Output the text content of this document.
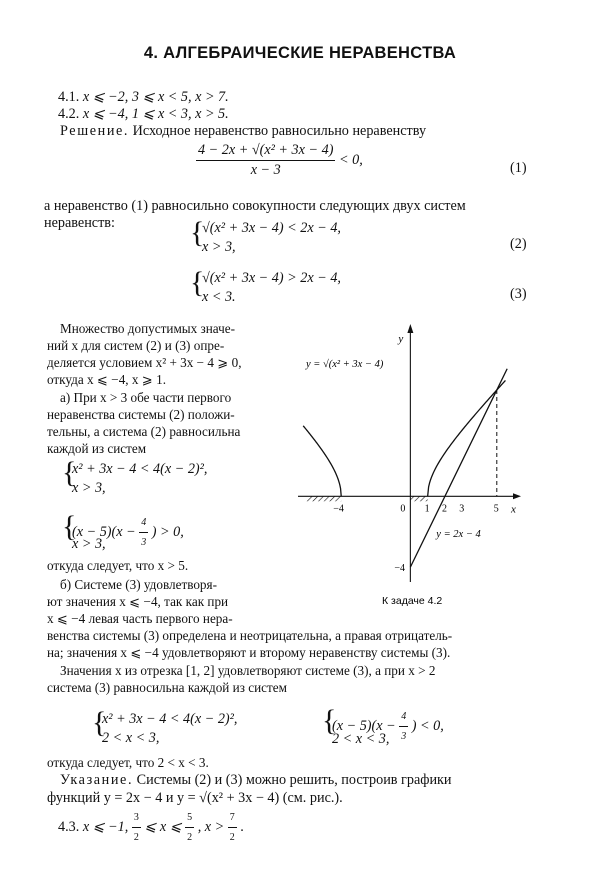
4. АЛГЕБРАИЧЕСКИЕ НЕРАВЕНСТВА
4.1. x ⩽ −2, 3 ⩽ x < 5, x > 7.
4.2. x ⩽ −4, 1 ⩽ x < 3, x > 5.
Решение. Исходное неравенство равносильно неравенству
$\frac{\text{4 − 2x + √(x² + 3x − 4)}}{x - 3} < 0$,
(1)
а неравенство (1) равносильно совокупности следующих двух систем
неравенств:	{
√(x² + 3x − 4) < 2x − 4,
x > 3,	(2)
{
√(x² + 3x − 4) > 2x − 4,
x < 3.	(3)
Множество допустимых значе-
ний x для систем (2) и (3) опре-
деляется условием x² + 3x − 4 ⩾ 0,
откуда x ⩽ −4, x ⩾ 1.
а) При x > 3 обе части первого
неравенства системы (2) положи-
тельны, а система (2) равносильна
каждой из систем
{
x² + 3x − 4 < 4(x − 2)²,
x > 3,
{
$(x - 5)(x - \frac{4}{3}$ ) > 0,
x > 3,
откуда следует, что x > 5.
б) Системе (3) удовлетворя-
ют значения x ⩽ −4, так как при
x ⩽ −4 левая часть первого нера-
венства системы (3) определена и неотрицательна, а правая отрицатель-
на; значения x ⩽ −4 удовлетворяют и второму неравенству системы (3).
Значения x из отрезка [1, 2] удовлетворяют системе (3), а при x > 2
система (3) равносильна каждой из систем
{
x² + 3x − 4 < 4(x − 2)²,
2 < x < 3,
{
$(x - 5)(x - \frac{4}{3}$ ) < 0,
2 < x < 3,
откуда следует, что 2 < x < 3.
Указание. Системы (2) и (3) можно решить, построив графики
функций y = 2x − 4 и y = √(x² + 3x − 4) (см. рис.).
4.3. x ⩽ −1, $\frac{3}{2}$ ⩽ x ⩽ $\frac{5}{2}$ , $x > \frac{7}{2}$ .
y
x
y = √(x² + 3x − 4)
y = 2x − 4
−4	0 1 2 3	5
−4
К задаче 4.2
